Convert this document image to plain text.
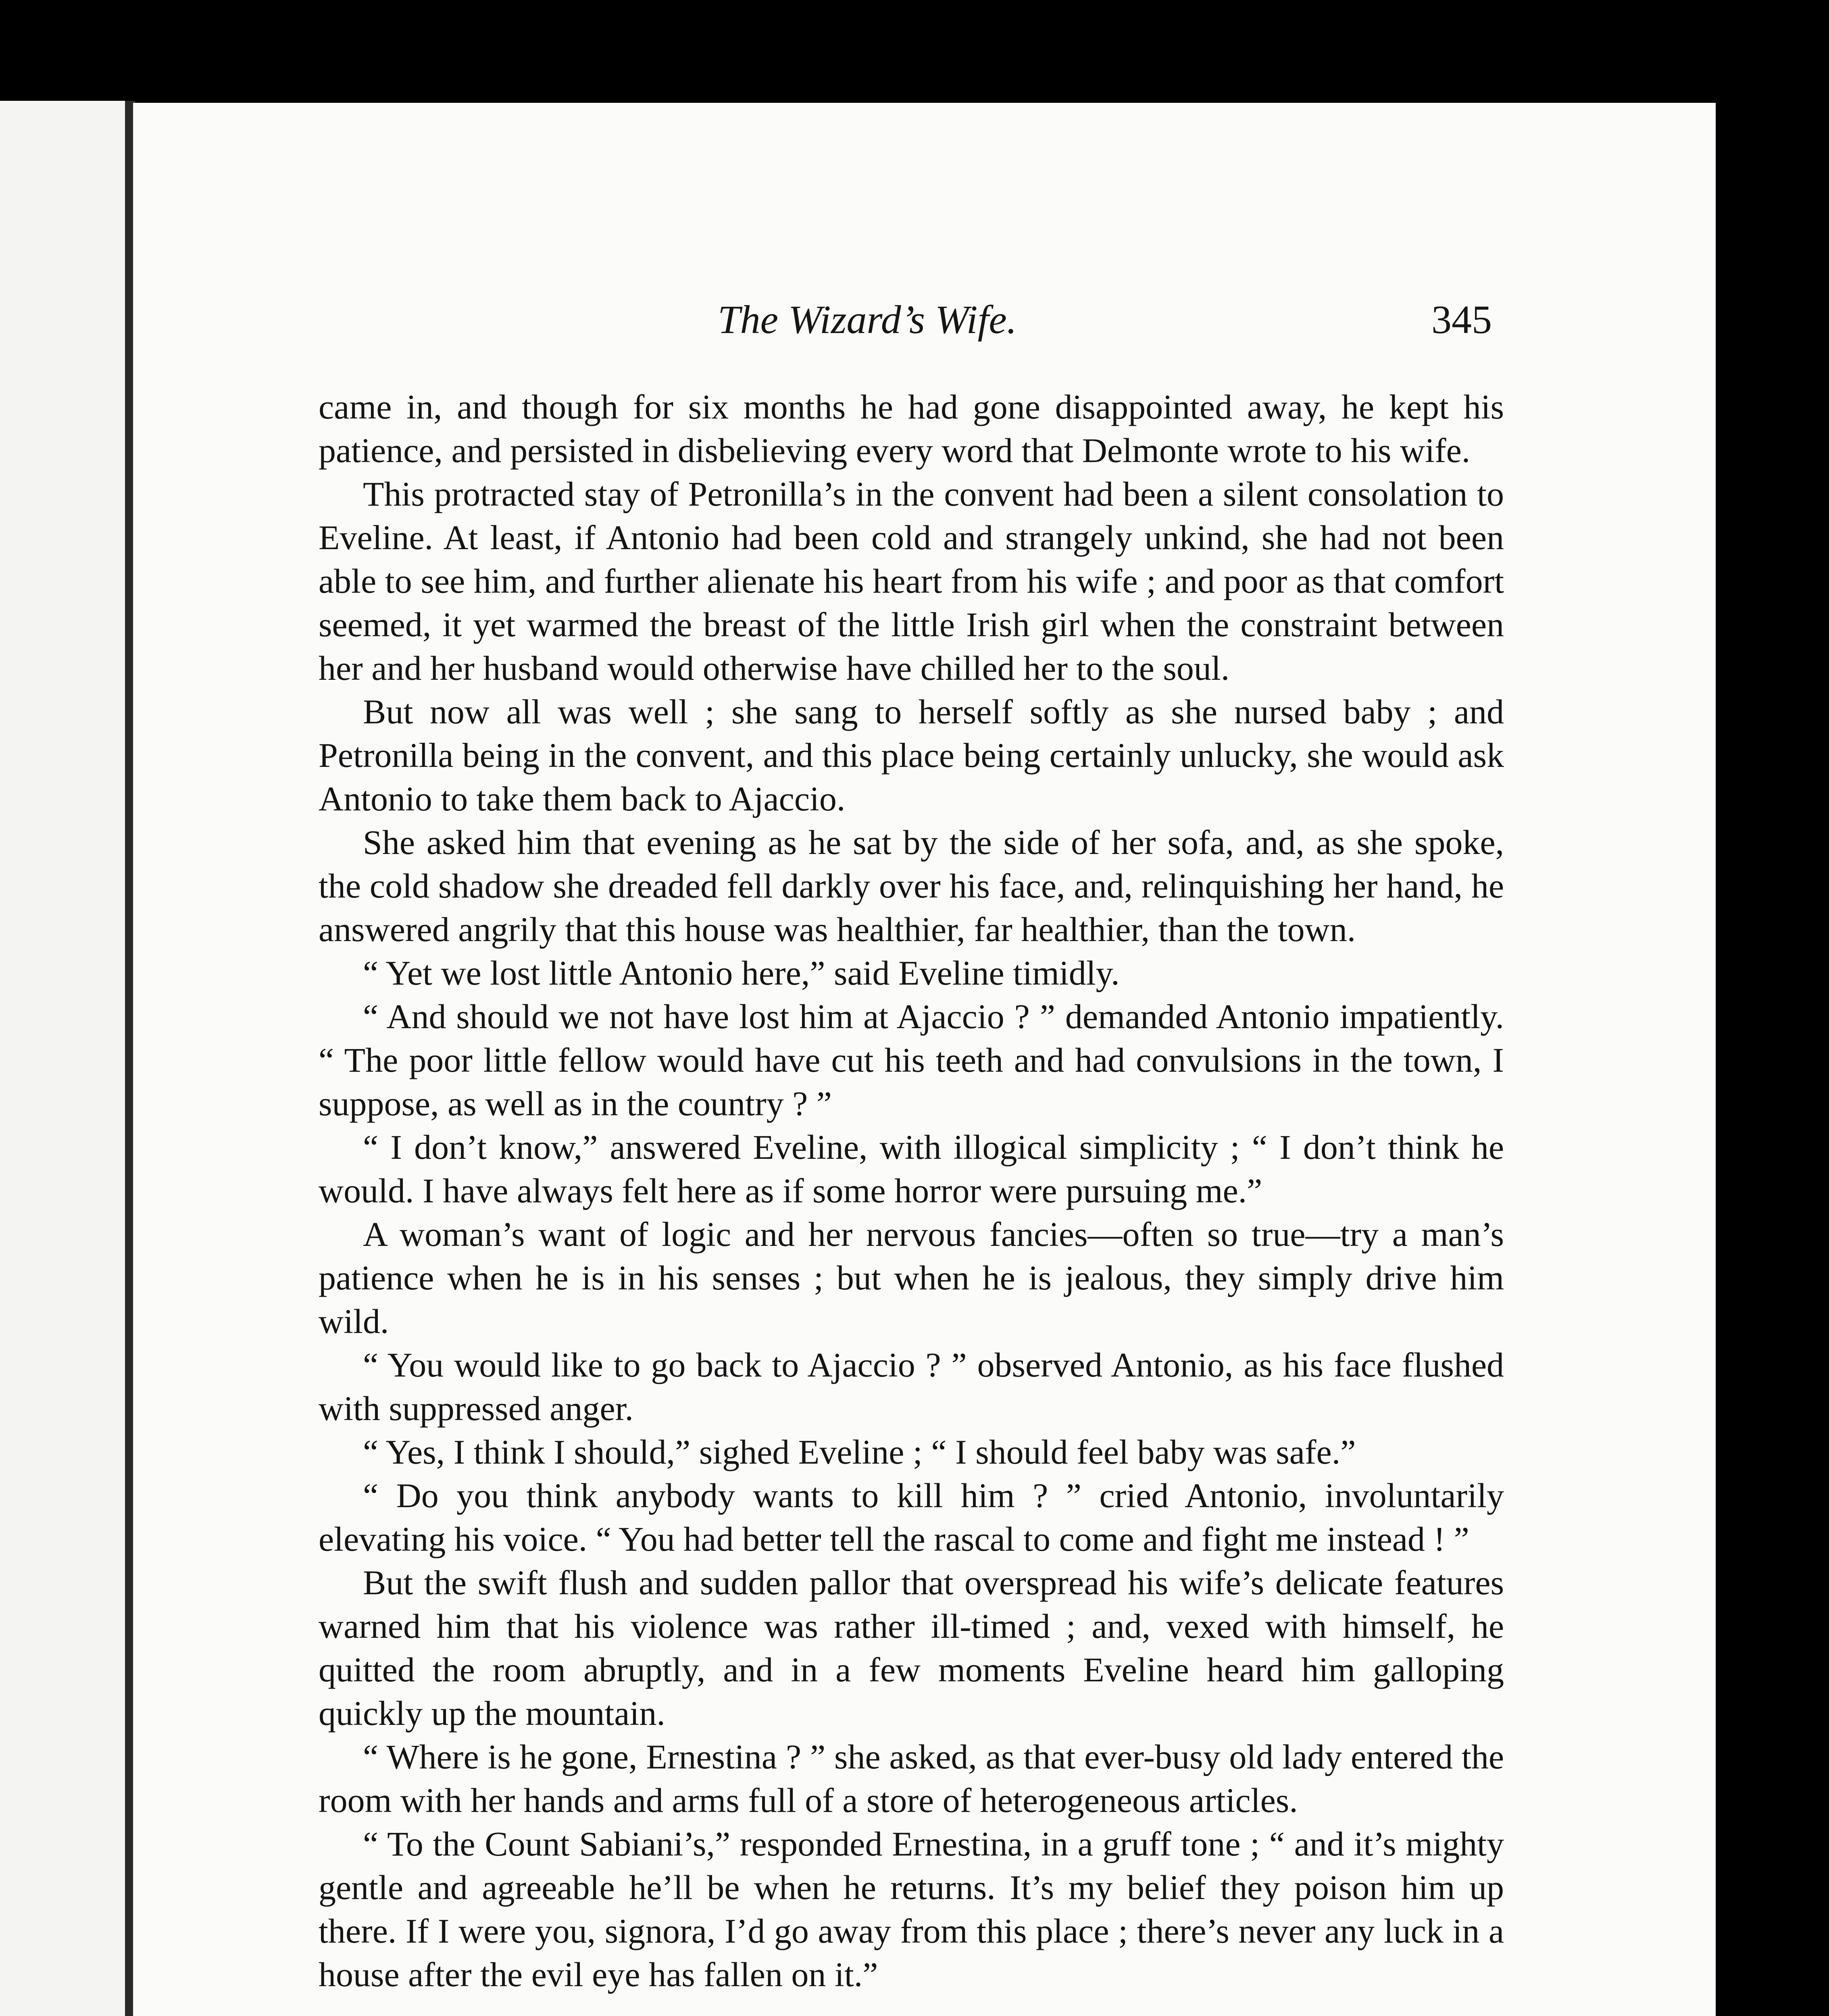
The Wizard’s Wife.	345

came in, and though for six months he had gone disappointed away, he kept his patience, and persisted in disbelieving every word that Delmonte wrote to his wife.

This protracted stay of Petronilla’s in the convent had been a silent consolation to Eveline. At least, if Antonio had been cold and strangely unkind, she had not been able to see him, and further alienate his heart from his wife ; and poor as that comfort seemed, it yet warmed the breast of the little Irish girl when the constraint between her and her husband would otherwise have chilled her to the soul.

But now all was well ; she sang to herself softly as she nursed baby ; and Petronilla being in the convent, and this place being certainly unlucky, she would ask Antonio to take them back to Ajaccio.

She asked him that evening as he sat by the side of her sofa, and, as she spoke, the cold shadow she dreaded fell darkly over his face, and, relinquishing her hand, he answered angrily that this house was healthier, far healthier, than the town.

“ Yet we lost little Antonio here,” said Eveline timidly.

“ And should we not have lost him at Ajaccio ? ” demanded Antonio impatiently. “ The poor little fellow would have cut his teeth and had convulsions in the town, I suppose, as well as in the country ? ”

“ I don’t know,” answered Eveline, with illogical simplicity ; “ I don’t think he would. I have always felt here as if some horror were pursuing me.”

A woman’s want of logic and her nervous fancies—often so true—try a man’s patience when he is in his senses ; but when he is jealous, they simply drive him wild.

“ You would like to go back to Ajaccio ? ” observed Antonio, as his face flushed with suppressed anger.

“ Yes, I think I should,” sighed Eveline ; “ I should feel baby was safe.”

“ Do you think anybody wants to kill him ? ” cried Antonio, involuntarily elevating his voice. “ You had better tell the rascal to come and fight me instead ! ”

But the swift flush and sudden pallor that overspread his wife’s delicate features warned him that his violence was rather ill-timed ; and, vexed with himself, he quitted the room abruptly, and in a few moments Eveline heard him galloping quickly up the mountain.

“ Where is he gone, Ernestina ? ” she asked, as that ever-busy old lady entered the room with her hands and arms full of a store of heterogeneous articles.

“ To the Count Sabiani’s,” responded Ernestina, in a gruff tone ; “ and it’s mighty gentle and agreeable he’ll be when he returns. It’s my belief they poison him up there. If I were you, signora, I’d go away from this place ; there’s never any luck in a house after the evil eye has fallen on it.”
